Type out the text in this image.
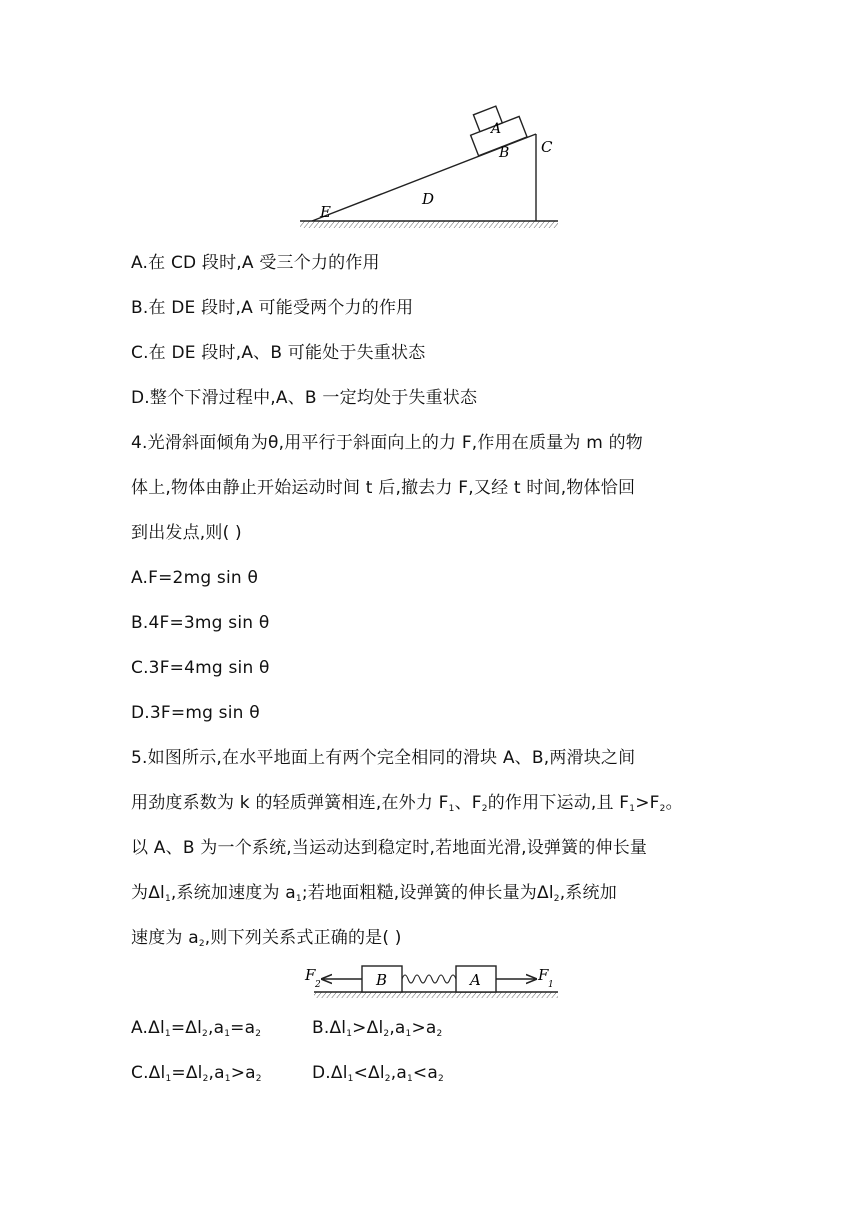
A
B C
D
E
A.在 CD 段时,A 受三个力的作用
B.在 DE 段时,A 可能受两个力的作用
C.在 DE 段时,A、B 可能处于失重状态
D.整个下滑过程中,A、B 一定均处于失重状态
4.光滑斜面倾角为θ,用平行于斜面向上的力 F,作用在质量为 m 的物
体上,物体由静止开始运动时间 t 后,撤去力 F,又经 t 时间,物体恰回
到出发点,则( )
A.F=2mg sin θ
B.4F=3mg sin θ
C.3F=4mg sin θ
D.3F=mg sin θ
5.如图所示,在水平地面上有两个完全相同的滑块 A、B,两滑块之间
用劲度系数为 k 的轻质弹簧相连,在外力 $F_1$、$F_2$的作用下运动,且 $F_1>F_2$。
以 A、B 为一个系统,当运动达到稳定时,若地面光滑,设弹簧的伸长量
为$\Delta l_1$,系统加速度为 $a_1$;若地面粗糙,设弹簧的伸长量为$\Delta l_2$,系统加
速度为 $a_2$,则下列关系式正确的是( )
B	A
F
2
F
1
$A.\Delta l_1=\Delta l_2,a_1=a_2$	$B.\Delta l_1>\Delta l_2,a_1>a_2$
$C.\Delta l_1=\Delta l_2,a_1>a_2$	$D.\Delta l_1<\Delta l_2,a_1<a_2$
